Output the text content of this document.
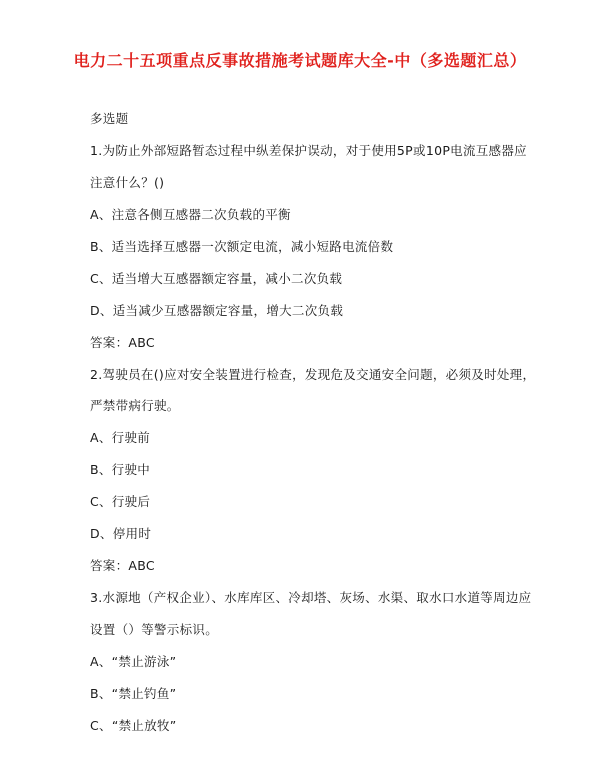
电力二十五项重点反事故措施考试题库大全-中（多选题汇总）
多选题
1.为防止外部短路暂态过程中纵差保护误动，对于使用5P或10P电流互感器应
注意什么？()
A、注意各侧互感器二次负载的平衡
B、适当选择互感器一次额定电流，减小短路电流倍数
C、适当增大互感器额定容量，减小二次负载
D、适当减少互感器额定容量，增大二次负载
答案：ABC
2.驾驶员在()应对安全装置进行检查，发现危及交通安全问题，必须及时处理，
严禁带病行驶。
A、行驶前
B、行驶中
C、行驶后
D、停用时
答案：ABC
3.水源地（产权企业）、水库库区、冷却塔、灰场、水渠、取水口水道等周边应
设置（）等警示标识。
A、“禁止游泳”
B、“禁止钓鱼”
C、“禁止放牧”
